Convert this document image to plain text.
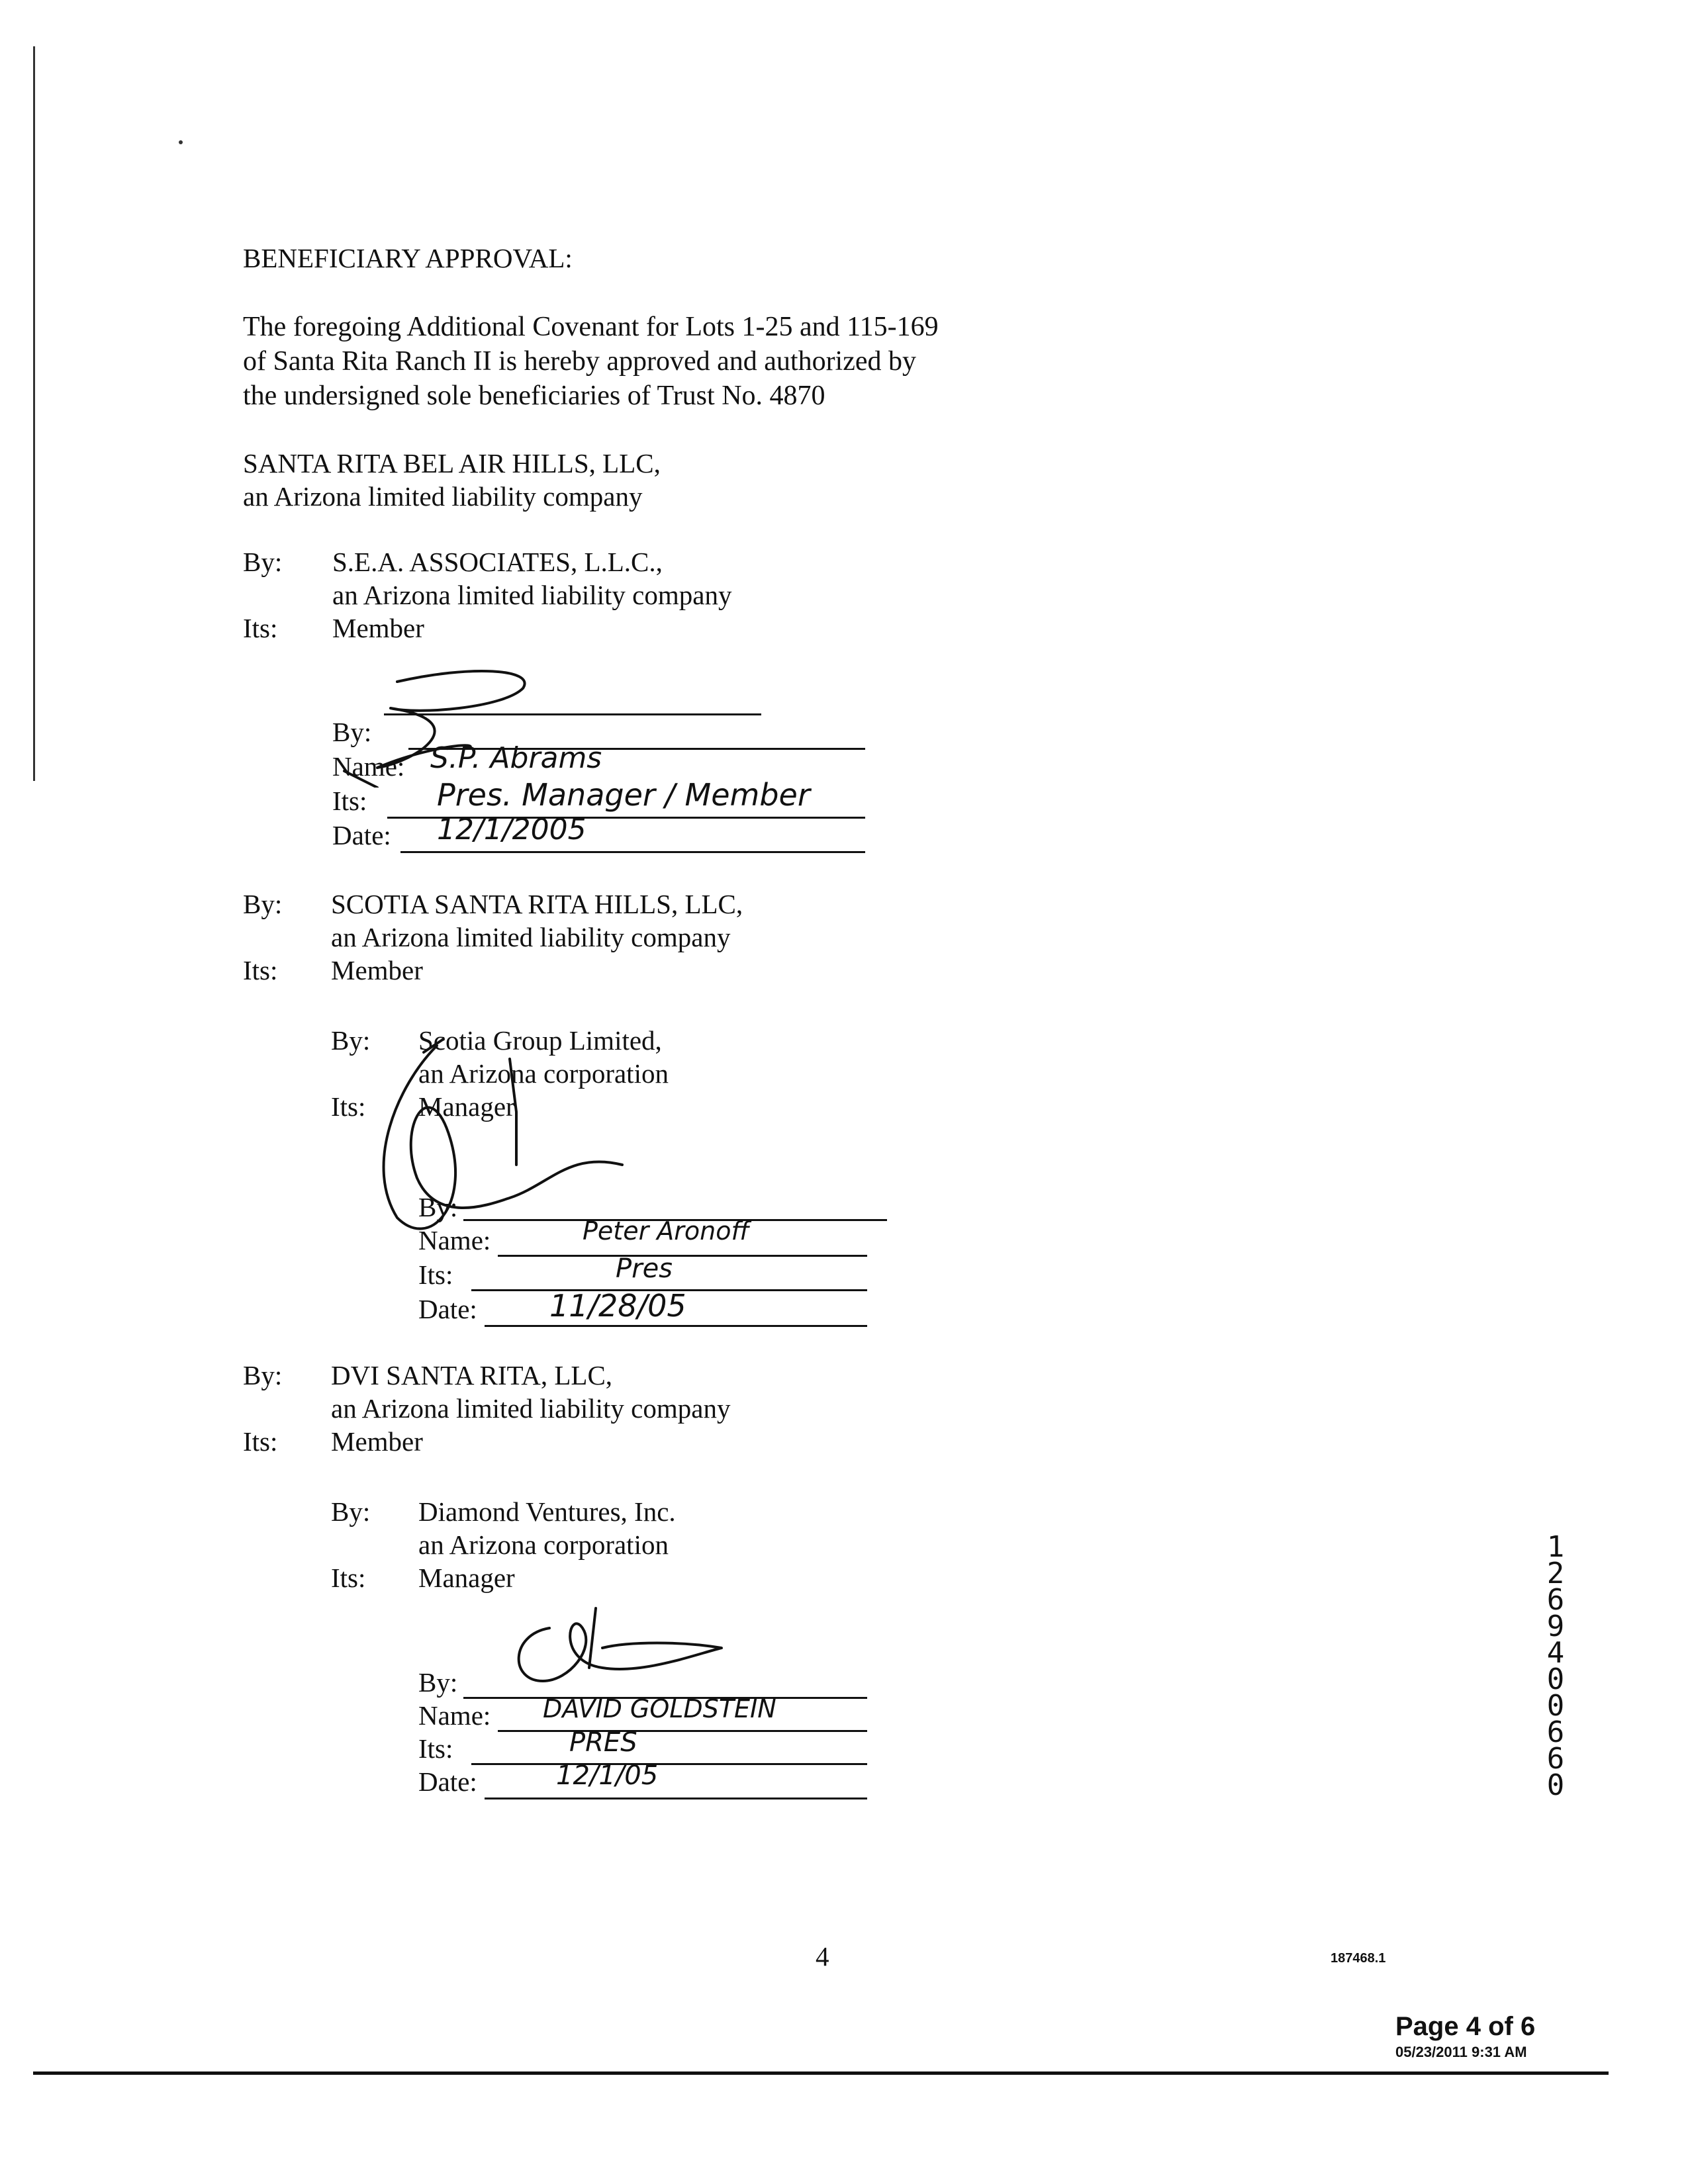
BENEFICIARY APPROVAL:
The foregoing Additional Covenant for Lots 1-25 and 115-169
of Santa Rita Ranch II is hereby approved and authorized by
the undersigned sole beneficiaries of Trust No. 4870
SANTA RITA BEL AIR HILLS, LLC,
an Arizona limited liability company
By: S.E.A. ASSOCIATES, L.L.C.,
an Arizona limited liability company
Its: Member
By:
Name:
Its:
Date:
S.P. Abrams
Pres. Manager / Member
12/1/2005
By: SCOTIA SANTA RITA HILLS, LLC,
an Arizona limited liability company
Its: Member
By: Scotia Group Limited,
an Arizona corporation
Its: Manager
By:
Name:
Its:
Date:
Peter Aronoff
Pres
11/28/05
By: DVI SANTA RITA, LLC,
an Arizona limited liability company
Its: Member
By: Diamond Ventures, Inc.
an Arizona corporation
Its: Manager
By:
Name:
Its:
Date:
DAVID GOLDSTEIN
PRES
12/1/05
12694 00660
4	187468.1
Page 4 of 6
05/23/2011 9:31 AM
